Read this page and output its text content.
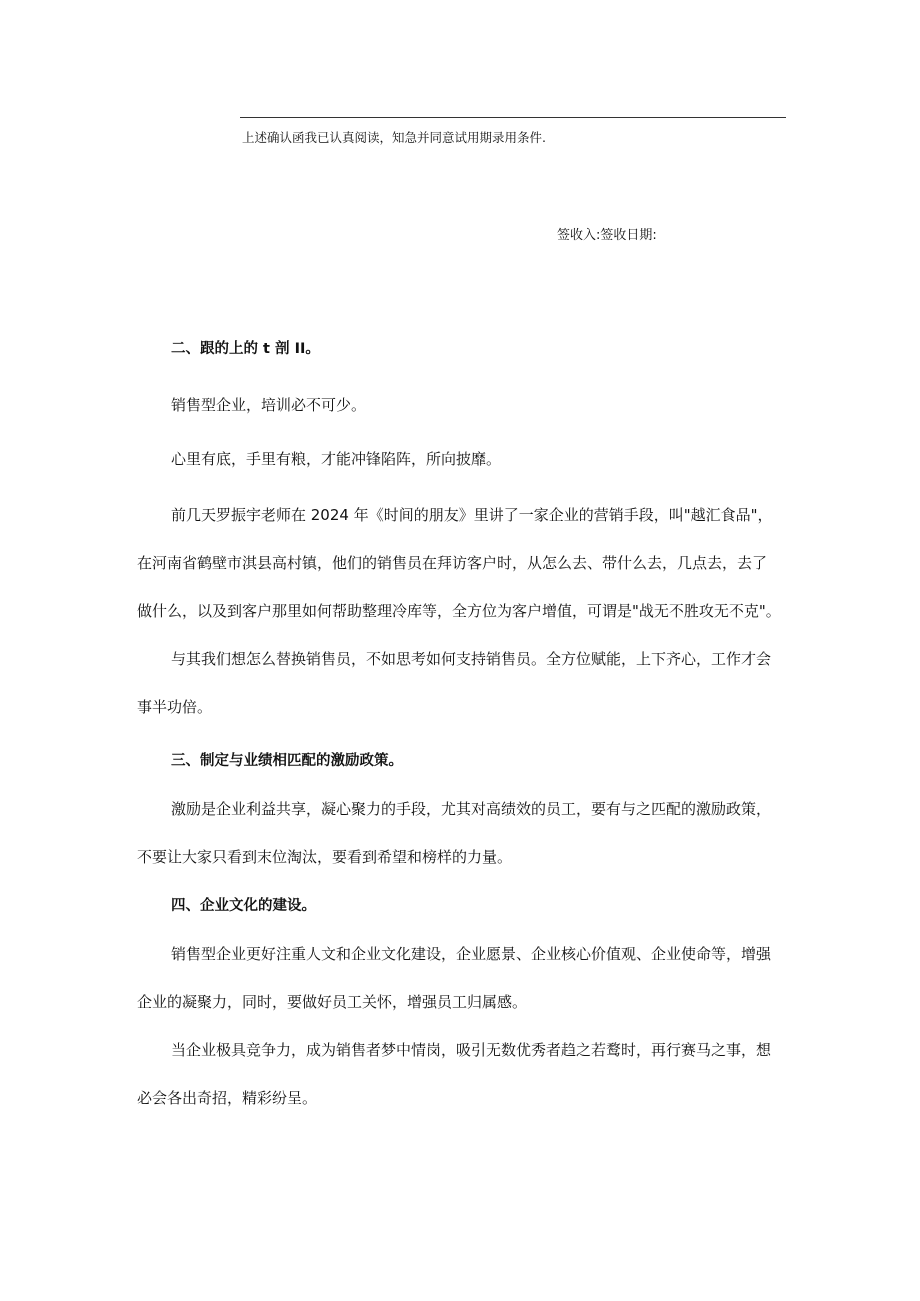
上述确认函我已认真阅读，知急并同意试用期录用条件.
签收入:签收日期:
二、跟的上的 t 剖 II。
销售型企业，培训必不可少。
心里有底，手里有粮，才能冲锋陷阵，所向披靡。
前几天罗振宇老师在 2024 年《时间的朋友》里讲了一家企业的营销手段，叫"越汇食品"，
在河南省鹤壁市淇县高村镇，他们的销售员在拜访客户时，从怎么去、带什么去，几点去，去了
做什么，以及到客户那里如何帮助整理冷库等，全方位为客户增值，可谓是"战无不胜攻无不克"。
与其我们想怎么替换销售员，不如思考如何支持销售员。全方位赋能，上下齐心，工作才会
事半功倍。
三、制定与业绩相匹配的激励政策。
激励是企业利益共享，凝心聚力的手段，尤其对高绩效的员工，要有与之匹配的激励政策，
不要让大家只看到末位淘汰，要看到希望和榜样的力量。
四、企业文化的建设。
销售型企业更好注重人文和企业文化建设，企业愿景、企业核心价值观、企业使命等，增强
企业的凝聚力，同时，要做好员工关怀，增强员工归属感。
当企业极具竞争力，成为销售者梦中情岗，吸引无数优秀者趋之若鹜时，再行赛马之事，想
必会各出奇招，精彩纷呈。
